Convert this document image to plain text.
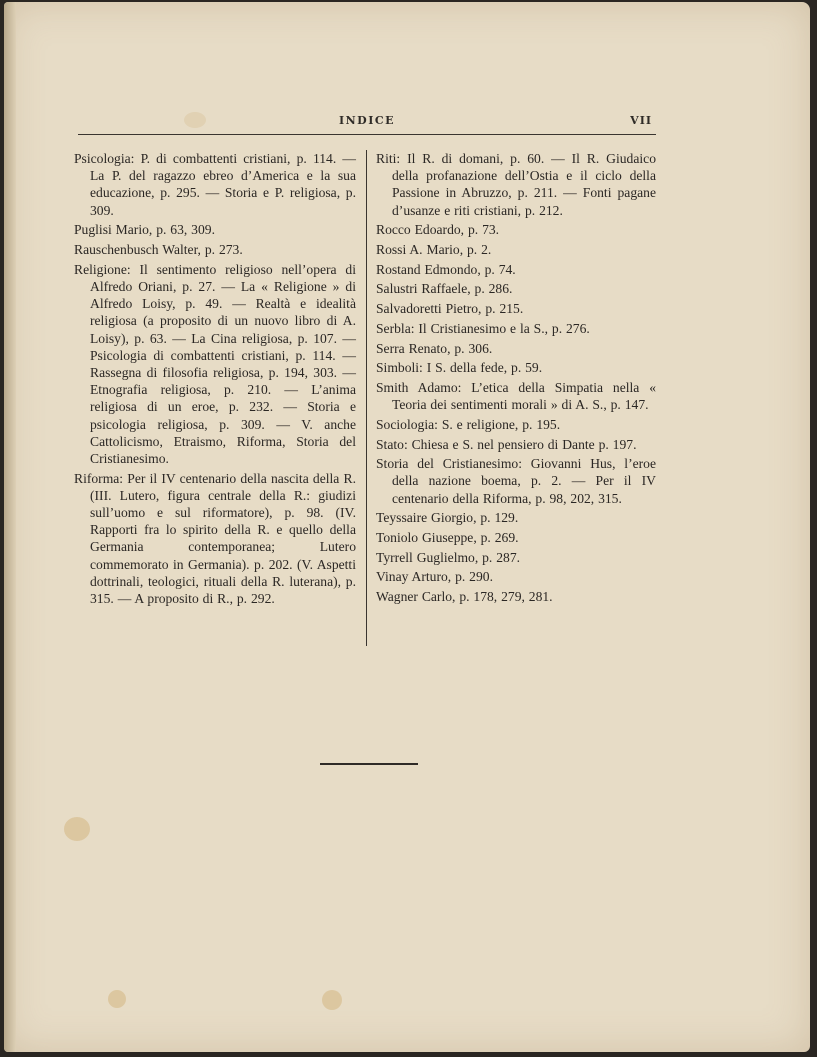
INDICE	VII
Psicologia: P. di combattenti cristiani, p. 114. — La P. del ragazzo ebreo d’America e la sua educazione, p. 295. — Storia e P. religiosa, p. 309.
Puglisi Mario, p. 63, 309.
Rauschenbusch Walter, p. 273.
Religione: Il sentimento religioso nell’opera di Alfredo Oriani, p. 27. — La « Religione » di Alfredo Loisy, p. 49. — Realtà e idealità religiosa (a proposito di un nuovo libro di A. Loisy), p. 63. — La Cina religiosa, p. 107. — Psicologia di combattenti cristiani, p. 114. — Rassegna di filosofia religiosa, p. 194, 303. — Etnografia religiosa, p. 210. — L’anima religiosa di un eroe, p. 232. — Storia e psicologia religiosa, p. 309. — V. anche Cattolicismo, Etraismo, Riforma, Storia del Cristianesimo.
Riforma: Per il IV centenario della nascita della R. (III. Lutero, figura centrale della R.: giudizi sull’uomo e sul riformatore), p. 98. (IV. Rapporti fra lo spirito della R. e quello della Germania contemporanea; Lutero commemorato in Germania). p. 202. (V. Aspetti dottrinali, teologici, rituali della R. luterana), p. 315. — A proposito di R., p. 292.
Riti: Il R. di domani, p. 60. — Il R. Giudaico della profanazione dell’Ostia e il ciclo della Passione in Abruzzo, p. 211. — Fonti pagane d’usanze e riti cristiani, p. 212.
Rocco Edoardo, p. 73.
Rossi A. Mario, p. 2.
Rostand Edmondo, p. 74.
Salustri Raffaele, p. 286.
Salvadoretti Pietro, p. 215.
Serbla: Il Cristianesimo e la S., p. 276.
Serra Renato, p. 306.
Simboli: I S. della fede, p. 59.
Smith Adamo: L’etica della Simpatia nella « Teoria dei sentimenti morali » di A. S., p. 147.
Sociologia: S. e religione, p. 195.
Stato: Chiesa e S. nel pensiero di Dante p. 197.
Storia del Cristianesimo: Giovanni Hus, l’eroe della nazione boema, p. 2. — Per il IV centenario della Riforma, p. 98, 202, 315.
Teyssaire Giorgio, p. 129.
Toniolo Giuseppe, p. 269.
Tyrrell Guglielmo, p. 287.
Vinay Arturo, p. 290.
Wagner Carlo, p. 178, 279, 281.
